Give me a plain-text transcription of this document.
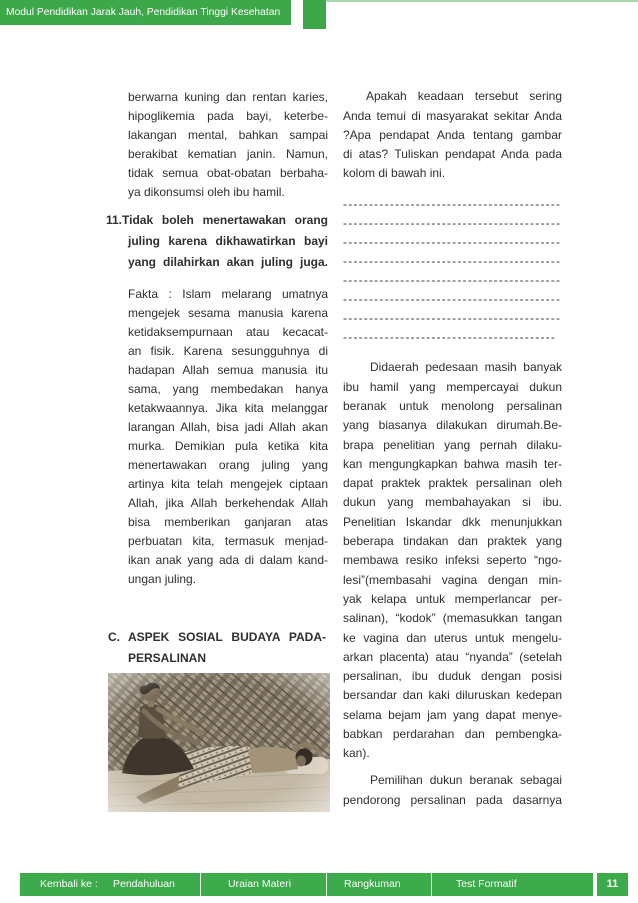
Modul Pendidikan Jarak Jauh, Pendidikan Tinggi Kesehatan
berwarna kuning dan rentan karies,
hipoglikemia pada bayi, keterbe-
lakangan mental, bahkan sampai
berakibat kematian janin. Namun,
tidak semua obat-obatan berbaha-
ya dikonsumsi oleh ibu hamil.
11.Tidak boleh menertawakan orang
juling karena dikhawatirkan bayi
yang dilahirkan akan juling juga.
Fakta : Islam melarang umatnya
mengejek sesama manusia karena
ketidaksempurnaan atau kecacat-
an fisik. Karena sesungguhnya di
hadapan Allah semua manusia itu
sama, yang membedakan hanya
ketakwaannya. Jika kita melanggar
larangan Allah, bisa jadi Allah akan
murka. Demikian pula ketika kita
menertawakan orang juling yang
artinya kita telah mengejek ciptaan
Allah, jika Allah berkehendak Allah
bisa memberikan ganjaran atas
perbuatan kita, termasuk menjad-
ikan anak yang ada di dalam kand-
ungan juling.
C. ASPEK SOSIAL BUDAYA PADA-
PERSALINAN
Apakah keadaan tersebut sering
Anda temui di masyarakat sekitar Anda
?Apa pendapat Anda tentang gambar
di atas? Tuliskan pendapat Anda pada
kolom di bawah ini.
------------------------------------------
------------------------------------------
------------------------------------------
------------------------------------------
------------------------------------------
------------------------------------------
------------------------------------------
-----------------------------------------
Didaerah pedesaan masih banyak
ibu hamil yang mempercayai dukun
beranak untuk menolong persalinan
yang biasanya dilakukan dirumah.Be-
brapa penelitian yang pernah dilaku-
kan mengungkapkan bahwa masih ter-
dapat praktek praktek persalinan oleh
dukun yang membahayakan si ibu.
Penelitian Iskandar dkk menunjukkan
beberapa tindakan dan praktek yang
membawa resiko infeksi seperto “ngo-
lesi”(membasahi vagina dengan min-
yak kelapa untuk memperlancar per-
salinan), “kodok” (memasukkan tangan
ke vagina dan uterus untuk mengelu-
arkan placenta) atau “nyanda” (setelah
persalinan, ibu duduk dengan posisi
bersandar dan kaki diluruskan kedepan
selama bejam jam yang dapat menye-
babkan perdarahan dan pembengka-
kan).
Pemilihan dukun beranak sebagai
pendorong persalinan pada dasarnya
Kembali ke : Pendahuluan	Uraian Materi	Rangkuman	Test Formatif	11
